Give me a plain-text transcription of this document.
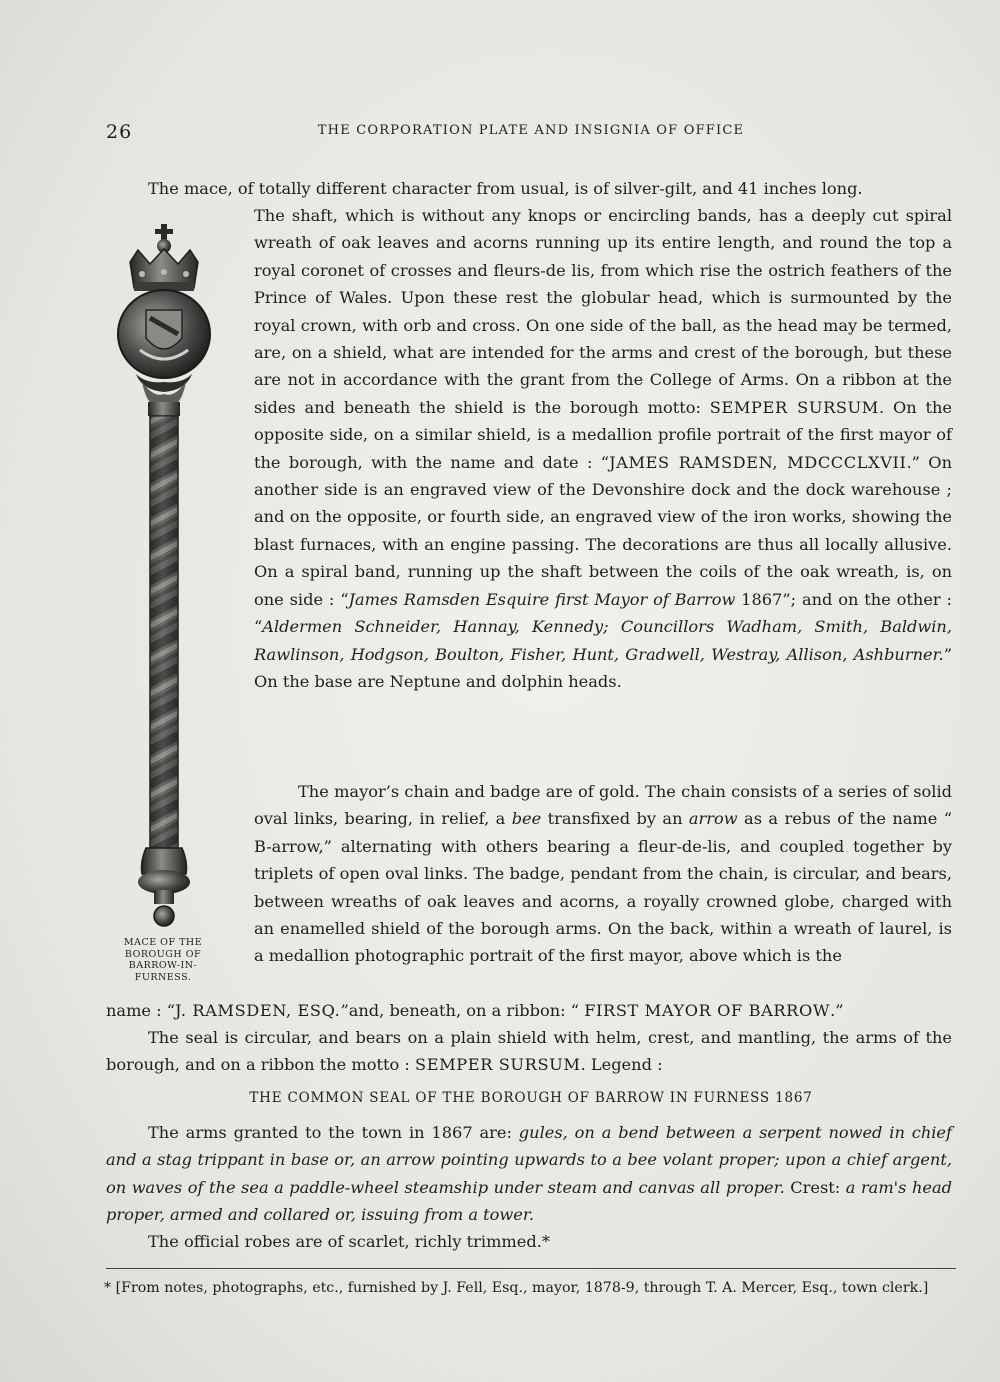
26	THE CORPORATION PLATE AND INSIGNIA OF OFFICE
The mace, of totally different character from usual, is of silver-gilt, and 41 inches long.
The shaft, which is without any knops or encircling bands, has a deeply cut spiral wreath of oak leaves and acorns running up its entire length, and round the top a royal coronet of crosses and fleurs-de lis, from which rise the ostrich feathers of the Prince of Wales. Upon these rest the globular head, which is surmounted by the royal crown, with orb and cross. On one side of the ball, as the head may be termed, are, on a shield, what are intended for the arms and crest of the borough, but these are not in accordance with the grant from the College of Arms. On a ribbon at the sides and beneath the shield is the borough motto: SEMPER SURSUM. On the opposite side, on a similar shield, is a medallion profile portrait of the first mayor of the borough, with the name and date : “JAMES RAMSDEN, MDCCCLXVII.” On another side is an engraved view of the Devonshire dock and the dock warehouse ; and on the opposite, or fourth side, an engraved view of the iron works, showing the blast furnaces, with an engine passing. The decorations are thus all locally allusive. On a spiral band, running up the shaft between the coils of the oak wreath, is, on one side : “James Ramsden Esquire first Mayor of Barrow 1867”; and on the other : “Aldermen Schneider, Hannay, Kennedy; Councillors Wadham, Smith, Baldwin, Rawlinson, Hodgson, Boulton, Fisher, Hunt, Gradwell, Westray, Allison, Ashburner.” On the base are Neptune and dolphin heads.
The mayor’s chain and badge are of gold. The chain consists of a series of solid oval links, bearing, in relief, a bee transfixed by an arrow as a rebus of the name “ B-arrow,” alternating with others bearing a fleur-de-lis, and coupled together by triplets of open oval links. The badge, pendant from the chain, is circular, and bears, between wreaths of oak leaves and acorns, a royally crowned globe, charged with an enamelled shield of the borough arms. On the back, within a wreath of laurel, is a medallion photographic portrait of the first mayor, above which is the
name : “J. RAMSDEN, ESQ.”and, beneath, on a ribbon: “ FIRST MAYOR OF BARROW.”
The seal is circular, and bears on a plain shield with helm, crest, and mantling, the arms of the borough, and on a ribbon the motto : SEMPER SURSUM. Legend :
THE COMMON SEAL OF THE BOROUGH OF BARROW IN FURNESS 1867
The arms granted to the town in 1867 are: gules, on a bend between a serpent nowed in chief and a stag trippant in base or, an arrow pointing upwards to a bee volant proper; upon a chief argent, on waves of the sea a paddle-wheel steamship under steam and canvas all proper. Crest: a ram's head proper, armed and collared or, issuing from a tower.
The official robes are of scarlet, richly trimmed.*
* [From notes, photographs, etc., furnished by J. Fell, Esq., mayor, 1878-9, through T. A. Mercer, Esq., town clerk.]
MACE OF THE BOROUGH OF BARROW-IN-FURNESS.
